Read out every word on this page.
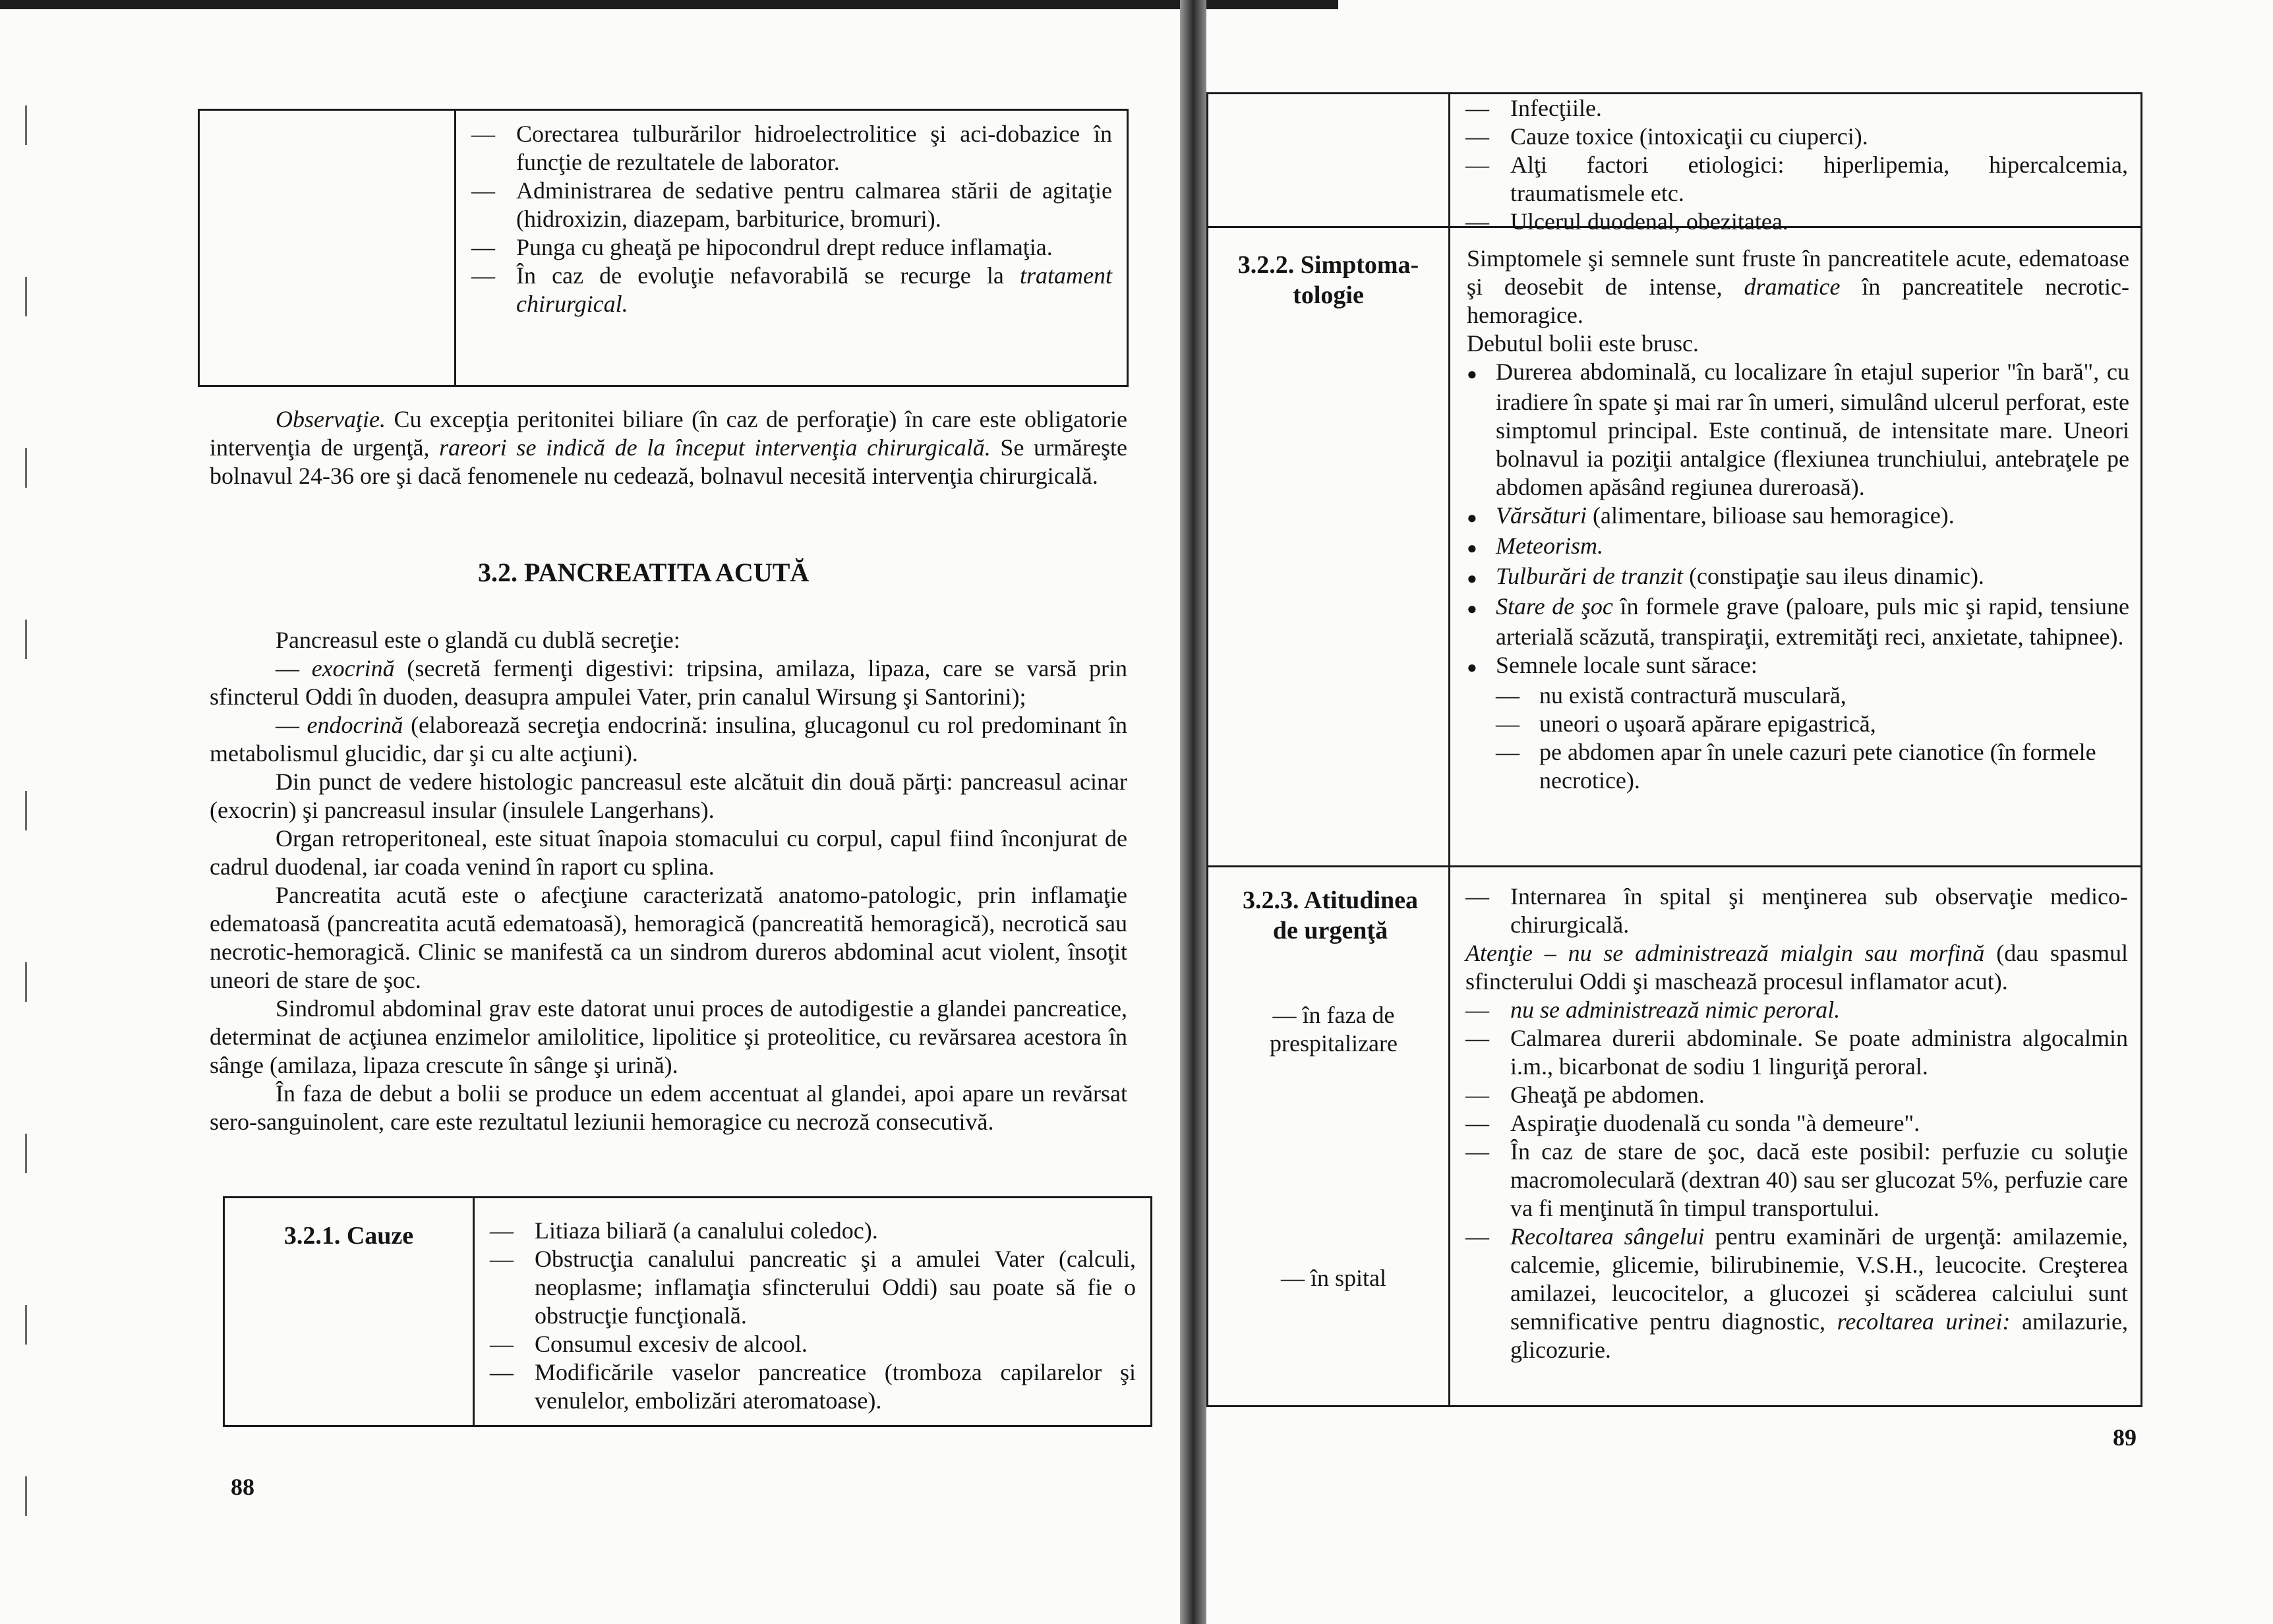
— Corectarea tulburărilor hidroelectrolitice şi aci-dobazice în funcţie de rezultatele de laborator.
— Administrarea de sedative pentru calmarea stării de agitaţie (hidroxizin, diazepam, barbiturice, bromuri).
— Punga cu gheaţă pe hipocondrul drept reduce inflamaţia.
— În caz de evoluţie nefavorabilă se recurge la tratament chirurgical.

Observaţie. Cu excepţia peritonitei biliare (în caz de perforaţie) în care este obligatorie intervenţia de urgenţă, rareori se indică de la început intervenţia chirurgicală. Se urmăreşte bolnavul 24-36 ore şi dacă fenomenele nu cedează, bolnavul necesită intervenţia chirurgicală.

3.2. PANCREATITA ACUTĂ

Pancreasul este o glandă cu dublă secreţie:

— exocrină (secretă fermenţi digestivi: tripsina, amilaza, lipaza, care se varsă prin sfincterul Oddi în duoden, deasupra ampulei Vater, prin canalul Wirsung şi Santorini);

— endocrină (elaborează secreţia endocrină: insulina, glucagonul cu rol predominant în metabolismul glucidic, dar şi cu alte acţiuni).

Din punct de vedere histologic pancreasul este alcătuit din două părţi: pancreasul acinar (exocrin) şi pancreasul insular (insulele Langerhans).

Organ retroperitoneal, este situat înapoia stomacului cu corpul, capul fiind înconjurat de cadrul duodenal, iar coada venind în raport cu splina.

Pancreatita acută este o afecţiune caracterizată anatomo-patologic, prin inflamaţie edematoasă (pancreatita acută edematoasă), hemoragică (pancreatită hemoragică), necrotică sau necrotic-hemoragică. Clinic se manifestă ca un sindrom dureros abdominal acut violent, însoţit uneori de stare de şoc.

Sindromul abdominal grav este datorat unui proces de autodigestie a glandei pancreatice, determinat de acţiunea enzimelor amilolitice, lipolitice şi proteolitice, cu revărsarea acestora în sânge (amilaza, lipaza crescute în sânge şi urină).

În faza de debut a bolii se produce un edem accentuat al glandei, apoi apare un revărsat sero-sanguinolent, care este rezultatul leziunii hemoragice cu necroză consecutivă.

3.2.1. Cauze
—	Litiaza biliară (a canalului coledoc).
— Obstrucţia canalului pancreatic şi a amulei Vater (calculi, neoplasme; inflamaţia sfincterului Oddi) sau poate să fie o obstrucţie funcţională.
— Consumul excesiv de alcool.
— Modificările vaselor pancreatice (tromboza capilarelor şi venulelor, embolizări ateromatoase).
88
— Infecţiile.
— Cauze toxice (intoxicaţii cu ciuperci).
— Alţi factori etiologici: hiperlipemia, hipercalcemia, traumatismele etc.
— Ulcerul duodenal, obezitatea.
3.2.2. Simptoma-tologie
Simptomele şi semnele sunt fruste în pancreatitele acute, edematoase şi deosebit de intense, dramatice în pancreatitele necrotic-hemoragice.
Debutul bolii este brusc.
● Durerea abdominală, cu localizare în etajul superior "în bară", cu iradiere în spate şi mai rar în umeri, simulând ulcerul perforat, este simptomul principal. Este continuă, de intensitate mare. Uneori bolnavul ia poziţii antalgice (flexiunea trunchiului, antebraţele pe abdomen apăsând regiunea dureroasă).
● Vărsături (alimentare, bilioase sau hemoragice).
● Meteorism.
● Tulburări de tranzit (constipaţie sau ileus dinamic).
● Stare de şoc în formele grave (paloare, puls mic şi rapid, tensiune arterială scăzută, transpiraţii, extremităţi reci, anxietate, tahipnee).
● Semnele locale sunt sărace:
— nu există contractură musculară,
— uneori o uşoară apărare epigastrică,
— pe abdomen apar în unele cazuri pete cianotice (în formele necrotice).
3.2.3. Atitudinea de urgenţă
— în faza de prespitalizare
— în spital
— Internarea în spital şi menţinerea sub observaţie medico-chirurgicală.
Atenţie – nu se administrează mialgin sau morfină (dau spasmul sfincterului Oddi şi maschează procesul inflamator acut).
— nu se administrează nimic peroral.
— Calmarea durerii abdominale. Se poate administra algocalmin i.m., bicarbonat de sodiu 1 linguriţă peroral.
— Gheaţă pe abdomen.
— Aspiraţie duodenală cu sonda "à demeure".
— În caz de stare de şoc, dacă este posibil: perfuzie cu soluţie macromoleculară (dextran 40) sau ser glucozat 5%, perfuzie care va fi menţinută în timpul transportului.
— Recoltarea sângelui pentru examinări de urgenţă: amilazemie, calcemie, glicemie, bilirubinemie, V.S.H., leucocite. Creşterea amilazei, leucocitelor, a glucozei şi scăderea calciului sunt semnificative pentru diagnostic, recoltarea urinei: amilazurie, glicozurie.
89
